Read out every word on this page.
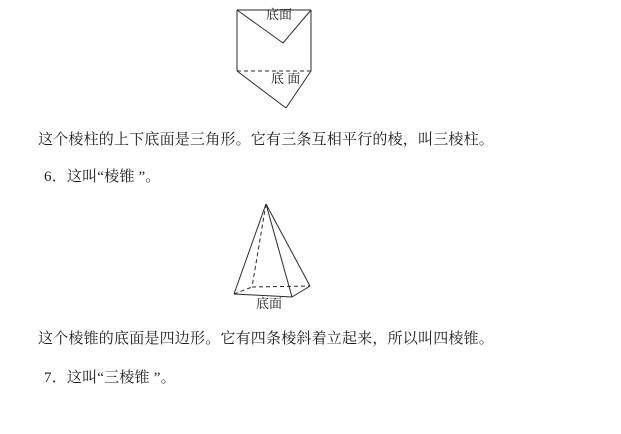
底面
底 面
这个棱柱的上下底面是三角形。它有三条互相平行的棱，叫三棱柱。
6．这叫“棱锥 ”。
底面
这个棱锥的底面是四边形。它有四条棱斜着立起来，所以叫四棱锥。
7．这叫“三棱锥 ”。
